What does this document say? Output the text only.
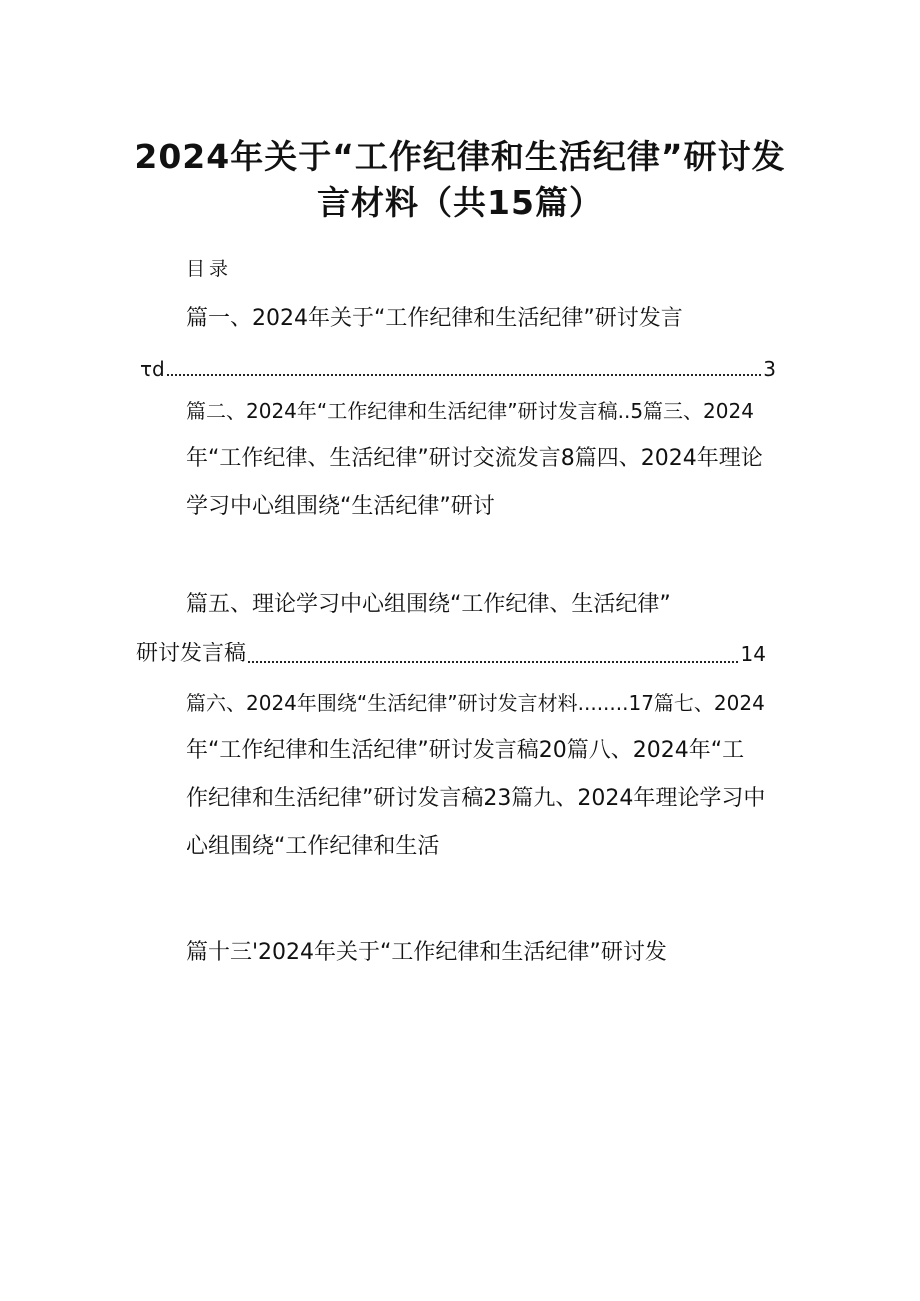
2024年关于“工作纪律和生活纪律”研讨发
言材料（共15篇）
目录
篇一、2024年关于“工作纪律和生活纪律”研讨发言
τd	3
篇二、2024年“工作纪律和生活纪律”研讨发言稿..5篇三、2024
年“工作纪律、生活纪律”研讨交流发言8篇四、2024年理论
学习中心组围绕“生活纪律”研讨
篇五、理论学习中心组围绕“工作纪律、生活纪律”
研讨发言稿	14
篇六、2024年围绕“生活纪律”研讨发言材料........17篇七、2024
年“工作纪律和生活纪律”研讨发言稿20篇八、2024年“工
作纪律和生活纪律”研讨发言稿23篇九、2024年理论学习中
心组围绕“工作纪律和生活
篇十三'2024年关于“工作纪律和生活纪律”研讨发
